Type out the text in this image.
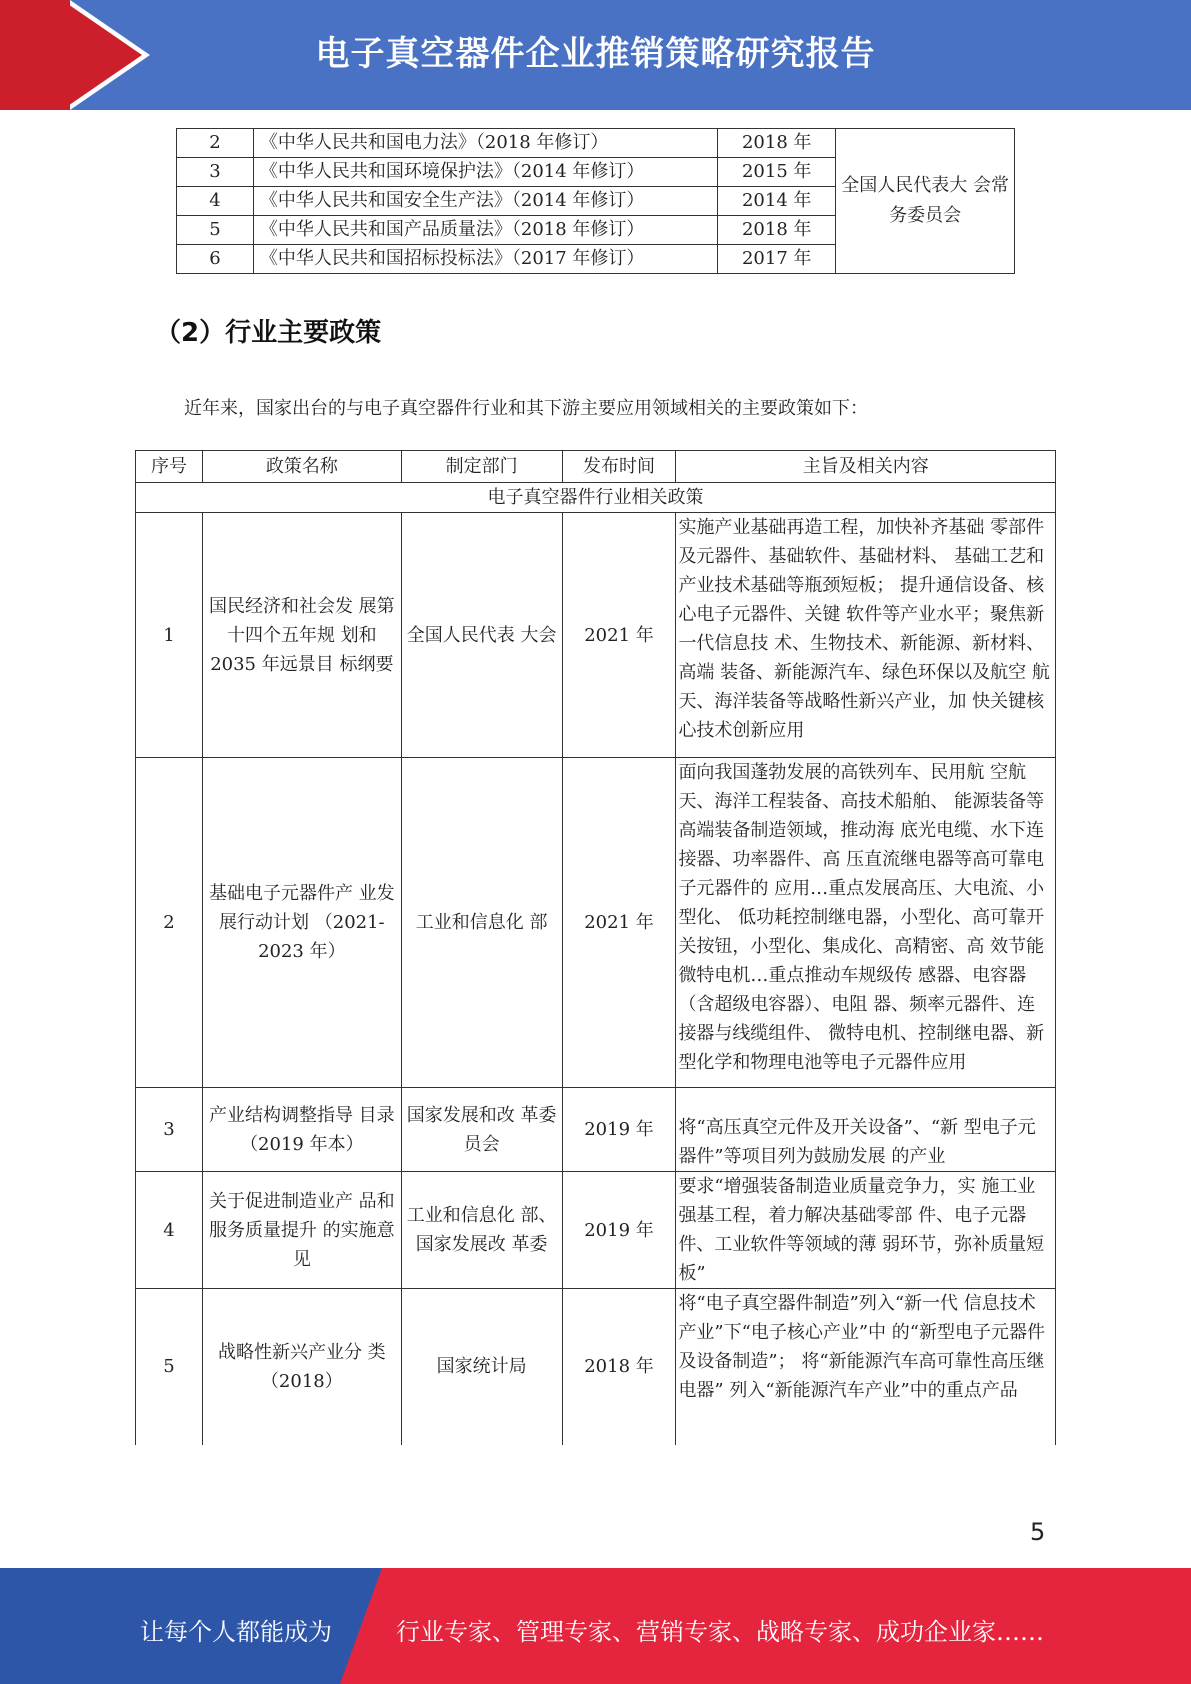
电子真空器件企业推销策略研究报告
2	《中华人民共和国电力法》（2018 年修订）	2018 年	全国人民代表大 会常务委员会
3	《中华人民共和国环境保护法》（2014 年修订）	2015 年	
4	《中华人民共和国安全生产法》（2014 年修订）	2014 年	
5	《中华人民共和国产品质量法》（2018 年修订）	2018 年	
6	《中华人民共和国招标投标法》（2017 年修订）	2017 年	
（2）行业主要政策
近年来，国家出台的与电子真空器件行业和其下游主要应用领域相关的主要政策如下：
序号	政策名称	制定部门	发布时间	主旨及相关内容
电子真空器件行业相关政策				
1	国民经济和社会发 展第十四个五年规 划和2035 年远景目 标纲要	全国人民代表 大会	2021 年	实施产业基础再造工程，加快补齐基础 零部件及元器件、基础软件、基础材料、 基础工艺和产业技术基础等瓶颈短板； 提升通信设备、核心电子元器件、关键 软件等产业水平；聚焦新一代信息技 术、生物技术、新能源、新材料、高端 装备、新能源汽车、绿色环保以及航空 航天、海洋装备等战略性新兴产业，加 快关键核心技术创新应用
2	基础电子元器件产 业发展行动计划 （2021-2023 年）	工业和信息化 部	2021 年	面向我国蓬勃发展的高铁列车、民用航 空航天、海洋工程装备、高技术船舶、 能源装备等高端装备制造领域，推动海 底光电缆、水下连接器、功率器件、高 压直流继电器等高可靠电子元器件的 应用…重点发展高压、大电流、小型化、 低功耗控制继电器，小型化、高可靠开 关按钮，小型化、集成化、高精密、高 效节能微特电机…重点推动车规级传 感器、电容器（含超级电容器）、电阻 器、频率元器件、连接器与线缆组件、 微特电机、控制继电器、新型化学和物理电池等电子元器件应用
3	产业结构调整指导 目录 （2019 年本）	国家发展和改 革委员会	2019 年	将“高压真空元件及开关设备”、“新 型电子元器件”等项目列为鼓励发展 的产业
4	关于促进制造业产 品和服务质量提升 的实施意见	工业和信息化 部、国家发展改 革委	2019 年	要求“增强装备制造业质量竞争力，实 施工业强基工程，着力解决基础零部 件、电子元器件、工业软件等领域的薄 弱环节，弥补质量短板”
5	战略性新兴产业分 类（2018）	国家统计局	2018 年	将“电子真空器件制造”列入“新一代 信息技术产业”下“电子核心产业”中 的“新型电子元器件及设备制造”； 将“新能源汽车高可靠性高压继电器” 列入“新能源汽车产业”中的重点产品
5
让每个人都能成为	行业专家、管理专家、营销专家、战略专家、成功企业家……
